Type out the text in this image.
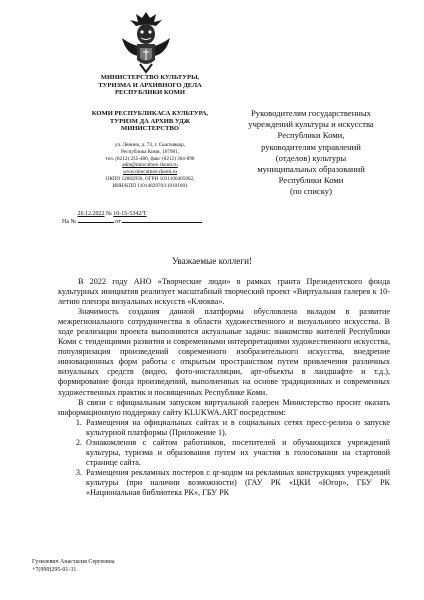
МИНИСТЕРСТВО КУЛЬТУРЫ,
ТУРИЗМА И АРХИВНОГО ДЕЛА
РЕСПУБЛИКИ КОМИ
КОМИ РЕСПУБЛИКАСА КУЛЬТУРА,
ТУРИЗМ ДА АРХИВ УДЖ
МИНИСТЕРСТВО
ул. Ленина, д. 73, г. Сыктывкар,
Республика Коми, 167981,
тел. (8212) 255-480, факс (8212) 304-898
adm@minculture.rkomi.ru
www.minculture.rkomi.ru
ОКПО 12882956, ОГРН 1031100405062,
ИНН/КПП 1101482970/110101001
26.12.2022 № 10-15-5342/Т
На №	от
Руководителям государственных
учреждений культуры и искусства
Республики Коми,
руководителям управлений
(отделов) культуры
муниципальных образований
Республики Коми
(по списку)
Уважаемые коллеги!

В 2022 году АНО «Творческие люди» в рамках гранта Президентского фонда культурных инициатив реализует масштабный творческий проект «Виртуальная галерея к 10-летию пленэра визуальных искусств «Клюква».

Значимость создания данной платформы обусловлена вкладом в развитие межрегионального сотрудничества в области художественного и визуального искусства. В ходе реализации проекта выполняются актуальные задачи: знакомство жителей Республики Коми с тенденциями развития и современными интерпретациями художественного искусства, популяризация произведений современного изобразительного искусства, внедрение инновационных форм работы с открытым пространством путем привлечения различных визуальных средств (видео, фото-инсталляции, арт-объекты в ландшафте и т.д.), формирование фонда произведений, выполненных на основе традиционных и современных художественных практик и посвященных Республике Коми.

В связи с официальным запуском виртуальной галереи Министерство просит оказать информационную поддержку сайту KLUKWA.ART посредством:

1. Размещения на официальных сайтах и в социальных сетях пресс-релиза о запуске культурной платформы (Приложение 1).
2. Ознакомления с сайтом работников, посетителей и обучающихся учреждений культуры, туризма и образования путем их участия в голосовании на стартовой странице сайта.
3. Размещения рекламных постеров с qr-кодом на рекламных конструкциях учреждений культуры (при наличии возможности) (ГАУ РК «ЦКИ «Югор», ГБУ РК «Национальная библиотека РК», ГБУ РК
Гузилевич Анастасия Сергеевна
+7(999)295-01-31
